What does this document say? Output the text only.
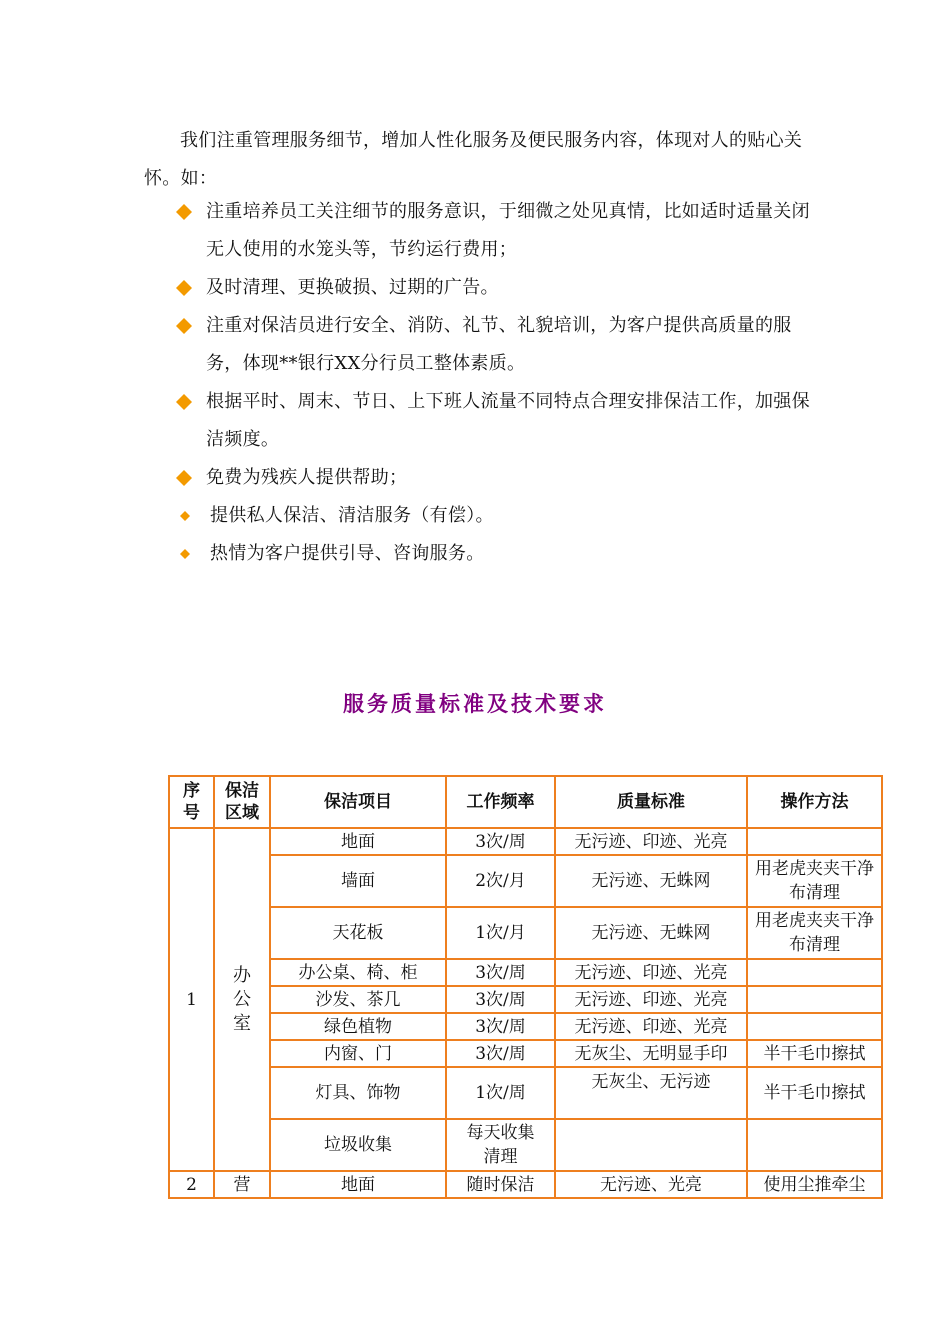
我们注重管理服务细节，增加人性化服务及便民服务内容，体现对人的贴心关怀。如：

注重培养员工关注细节的服务意识，于细微之处见真情，比如适时适量关闭无人使用的水笼头等，节约运行费用；
及时清理、更换破损、过期的广告。
注重对保洁员进行安全、消防、礼节、礼貌培训，为客户提供高质量的服务，体现**银行XX分行员工整体素质。
根据平时、周末、节日、上下班人流量不同特点合理安排保洁工作，加强保洁频度。
免费为残疾人提供帮助；
提供私人保洁、清洁服务（有偿）。
热情为客户提供引导、咨询服务。
服务质量标准及技术要求
序号	保洁区域	保洁项目	工作频率	质量标准	操作方法
1	办公室	地面	3次/周	无污迹、印迹、光亮	
		墙面	2次/月	无污迹、无蛛网	用老虎夹夹干净布清理
		天花板	1次/月	无污迹、无蛛网	用老虎夹夹干净布清理
		办公桌、椅、柜	3次/周	无污迹、印迹、光亮	
		沙发、茶几	3次/周	无污迹、印迹、光亮	
		绿色植物	3次/周	无污迹、印迹、光亮	
		内窗、门	3次/周	无灰尘、无明显手印	半干毛巾擦拭
		灯具、饰物	1次/周	无灰尘、无污迹	半干毛巾擦拭
		垃圾收集	每天收集清理		
2	营	地面	随时保洁	无污迹、光亮	使用尘推牵尘
